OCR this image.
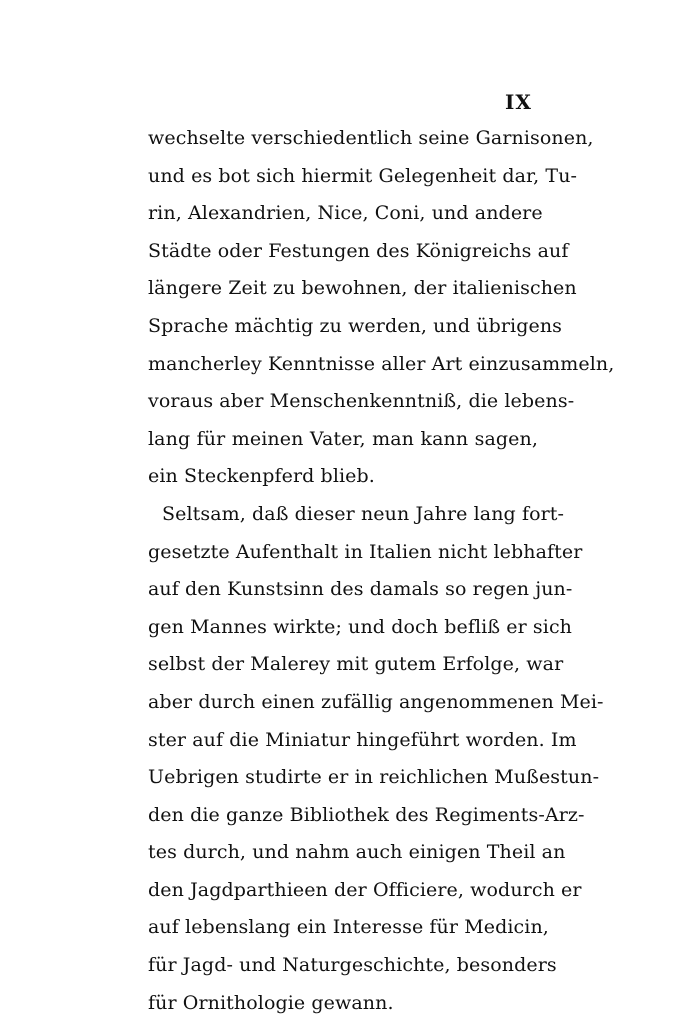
IX
wechselte verschiedentlich seine Garnisonen,
und es bot sich hiermit Gelegenheit dar, Tu-
rin, Alexandrien, Nice, Coni, und andere
Städte oder Festungen des Königreichs auf
längere Zeit zu bewohnen, der italienischen
Sprache mächtig zu werden, und übrigens
mancherley Kenntnisse aller Art einzusammeln,
voraus aber Menschenkenntniß, die lebens-
lang für meinen Vater, man kann sagen,
ein Steckenpferd blieb.
Seltsam, daß dieser neun Jahre lang fort-
gesetzte Aufenthalt in Italien nicht lebhafter
auf den Kunstsinn des damals so regen jun-
gen Mannes wirkte; und doch befliß er sich
selbst der Malerey mit gutem Erfolge, war
aber durch einen zufällig angenommenen Mei-
ster auf die Miniatur hingeführt worden. Im
Uebrigen studirte er in reichlichen Mußestun-
den die ganze Bibliothek des Regiments-Arz-
tes durch, und nahm auch einigen Theil an
den Jagdparthieen der Officiere, wodurch er
auf lebenslang ein Interesse für Medicin,
für Jagd- und Naturgeschichte, besonders
für Ornithologie gewann.
